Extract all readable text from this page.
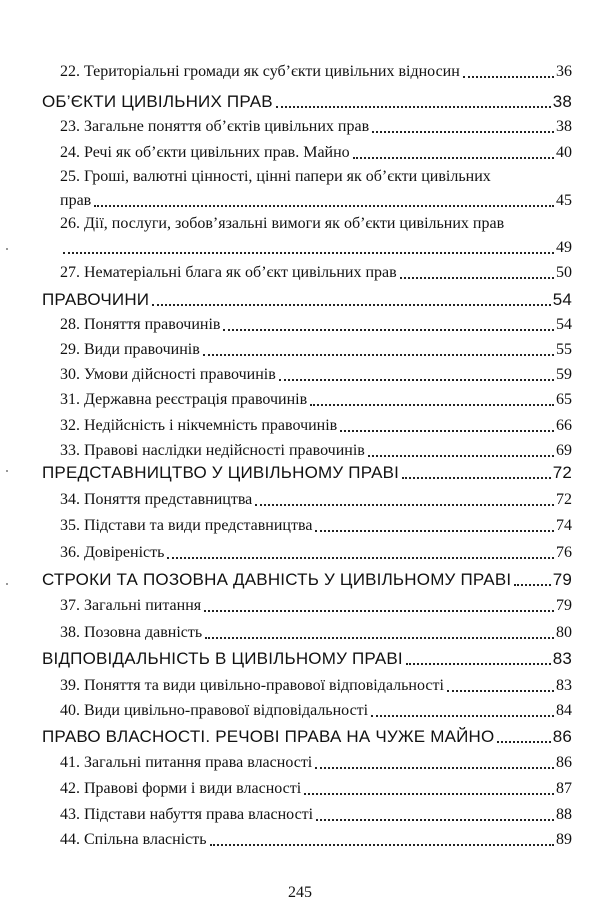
22. Територіальні громади як суб’єкти цивільних відносин	36
ОБ’ЄКТИ ЦИВІЛЬНИХ ПРАВ	38
23. Загальне поняття об’єктів цивільних прав	38
24. Речі як об’єкти цивільних прав. Майно	40
25. Гроші, валютні цінності, цінні папери як об’єкти цивільних
прав	45
26. Дії, послуги, зобов’язальні вимоги як об’єкти цивільних прав
49
27. Нематеріальні блага як об’єкт цивільних прав	50
ПРАВОЧИНИ	54
28. Поняття правочинів	54
29. Види правочинів	55
30. Умови дійсності правочинів	59
31. Державна реєстрація правочинів	65
32. Недійсність і нікчемність правочинів	66
33. Правові наслідки недійсності правочинів	69
ПРЕДСТАВНИЦТВО У ЦИВІЛЬНОМУ ПРАВІ	72
34. Поняття представництва	72
35. Підстави та види представництва	74
36. Довіреність	76
СТРОКИ ТА ПОЗОВНА ДАВНІСТЬ У ЦИВІЛЬНОМУ ПРАВІ 79
37. Загальні питання	79
38. Позовна давність	80
ВІДПОВІДАЛЬНІСТЬ В ЦИВІЛЬНОМУ ПРАВІ	83
39. Поняття та види цивільно-правової відповідальності	83
40. Види цивільно-правової відповідальності	84
ПРАВО ВЛАСНОСТІ. РЕЧОВІ ПРАВА НА ЧУЖЕ МАЙНО	86
41. Загальні питання права власності	86
42. Правові форми і види власності	87
43. Підстави набуття права власності	88
44. Спільна власність	89
245
